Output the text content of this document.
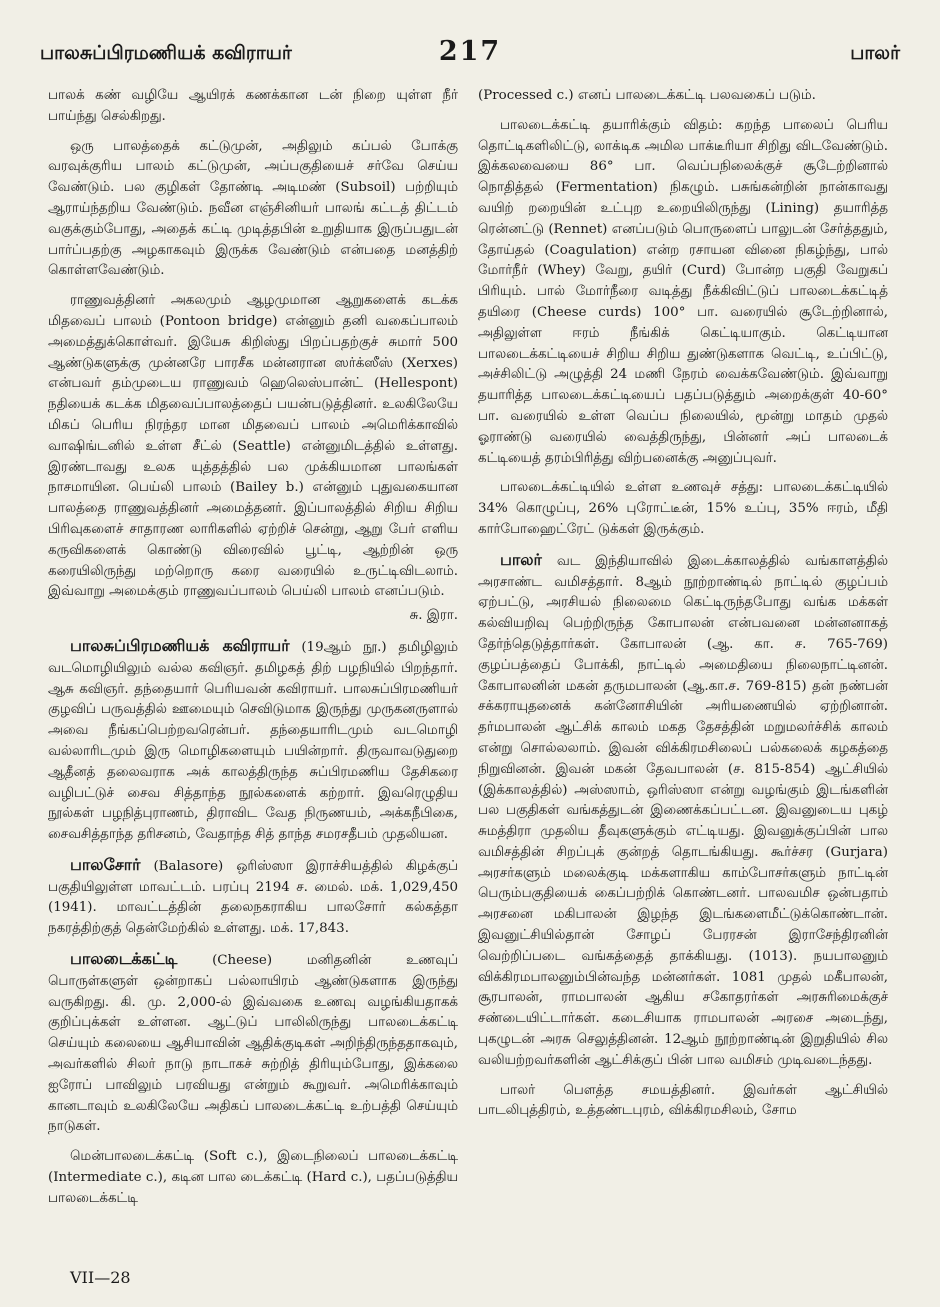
பாலசுப்பிரமணியக் கவிராயர்	217	பாலர்

பாலக் கண் வழியே ஆயிரக் கணக்கான டன் நிறை யுள்ள நீர் பாய்ந்து செல்கிறது.

ஒரு பாலத்தைக் கட்டுமுன், அதிலும் கப்பல் போக்கு வரவுக்குரிய பாலம் கட்டுமுன், அப்பகுதியைச் சர்வே செய்ய வேண்டும். பல குழிகள் தோண்டி அடிமண் (Subsoil) பற்றியும் ஆராய்ந்தறிய வேண்டும். நவீன எஞ்சினியர் பாலங் கட்டத் திட்டம் வகுக்கும்போது, அதைக் கட்டி முடித்தபின் உறுதியாக இருப்பதுடன் பார்ப்பதற்கு அழகாகவும் இருக்க வேண்டும் என்பதை மனத்திற் கொள்ளவேண்டும்.

ராணுவத்தினர் அகலமும் ஆழமுமான ஆறுகளைக் கடக்க மிதவைப் பாலம் (Pontoon bridge) என்னும் தனி வகைப்பாலம் அமைத்துக்கொள்வர். இயேசு கிறிஸ்து பிறப்பதற்குச் சுமார் 500 ஆண்டுகளுக்கு முன்னரே பாரசீக மன்னரான ஸர்க்ஸீஸ் (Xerxes) என்பவர் தம்முடைய ராணுவம் ஹெலெஸ்பான்ட் (Hellespont) நதியைக் கடக்க மிதவைப்பாலத்தைப் பயன்படுத்தினர். உலகிலேயே மிகப் பெரிய நிரந்தர மான மிதவைப் பாலம் அமெரிக்காவில் வாஷிங்டனில் உள்ள சீட்ல் (Seattle) என்னுமிடத்தில் உள்ளது. இரண்டாவது உலக யுத்தத்தில் பல முக்கியமான பாலங்கள் நாசமாயின. பெய்லி பாலம் (Bailey b.) என்னும் புதுவகையான பாலத்தை ராணுவத்தினர் அமைத்தனர். இப்பாலத்தில் சிறிய சிறிய பிரிவுகளைச் சாதாரண லாரிகளில் ஏற்றிச் சென்று, ஆறு பேர் எளிய கருவிகளைக் கொண்டு விரைவில் பூட்டி, ஆற்றின் ஒரு கரையிலிருந்து மற்றொரு கரை வரையில் உருட்டிவிடலாம். இவ்வாறு அமைக்கும் ராணுவப்பாலம் பெய்லி பாலம் எனப்படும்.

சு. இரா.

பாலசுப்பிரமணியக் கவிராயர் (19ஆம் நூ.) தமிழிலும் வடமொழியிலும் வல்ல கவிஞர். தமிழகத் திற் பழநியில் பிறந்தார். ஆசு கவிஞர். தந்தையார் பெரியவன் கவிராயர். பாலசுப்பிரமணியர் குழவிப் பருவத்தில் ஊமையும் செவிடுமாக இருந்து முருகனருளால் அவை நீங்கப்பெற்றவரென்பர். தந்தையாரிடமும் வடமொழி வல்லாரிடமும் இரு மொழிகளையும் பயின்றார். திருவாவடுதுறை ஆதீனத் தலைவராக அக் காலத்திருந்த சுப்பிரமணிய தேசிகரை வழிபட்டுச் சைவ சித்தாந்த நூல்களைக் கற்றார். இவரெழுதிய நூல்கள் பழநித்புராணம், திராவிட வேத நிருணயம், அக்கநீபிகை, சைவசித்தாந்த தரிசனம், வேதாந்த சித் தாந்த சமரசதீபம் முதலியன.

பாலசோர் (Balasore) ஒரிஸ்ஸா இராச்சியத்தில் கிழக்குப் பகுதியிலுள்ள மாவட்டம். பரப்பு 2194 ச. மைல். மக். 1,029,450 (1941). மாவட்டத்தின் தலைநகராகிய பாலசோர் கல்கத்தா நகரத்திற்குத் தென்மேற்கில் உள்ளது. மக். 17,843.

பாலடைக்கட்டி (Cheese) மனிதனின் உணவுப் பொருள்களுள் ஒன்றாகப் பல்லாயிரம் ஆண்டுகளாக இருந்து வருகிறது. கி. மு. 2,000-ல் இவ்வகை உணவு வழங்கியதாகக் குறிப்புக்கள் உள்ளன. ஆட்டுப் பாலிலிருந்து பாலடைக்கட்டி செய்யும் கலையை ஆசியாவின் ஆதிக்குடிகள் அறிந்திருந்ததாகவும், அவர்களில் சிலர் நாடு நாடாகச் சுற்றித் திரியும்போது, இக்கலை ஐரோப் பாவிலும் பரவியது என்றும் கூறுவர். அமெரிக்காவும் கானடாவும் உலகிலேயே அதிகப் பாலடைக்கட்டி உற்பத்தி செய்யும் நாடுகள்.

மென்பாலடைக்கட்டி (Soft c.), இடைநிலைப் பாலடைக்கட்டி (Intermediate c.), கடின பால டைக்கட்டி (Hard c.), பதப்படுத்திய பாலடைக்கட்டி

(Processed c.) எனப் பாலடைக்கட்டி பலவகைப் படும்.

பாலடைக்கட்டி தயாரிக்கும் விதம்: கறந்த பாலைப் பெரிய தொட்டிகளிலிட்டு, லாக்டிக அமில பாக்டீரியா சிறிது விடவேண்டும். இக்கலவையை 86° பா. வெப்பநிலைக்குச் சூடேற்றினால் நொதித்தல் (Fermentation) நிகழும். பசுங்கன்றின் நான்காவது வயிற் றறையின் உட்புற உறையிலிருந்து (Lining) தயாரித்த ரென்னட்டு (Rennet) எனப்படும் பொருளைப் பாலுடன் சேர்த்ததும், தோய்தல் (Coagulation) என்ற ரசாயன வினை நிகழ்ந்து, பால் மோர்நீர் (Whey) வேறு, தயிர் (Curd) போன்ற பகுதி வேறுகப் பிரியும். பால் மோர்நீரை வடித்து நீக்கிவிட்டுப் பாலடைக்கட்டித் தயிரை (Cheese curds) 100° பா. வரையில் சூடேற்றினால், அதிலுள்ள ஈரம் நீங்கிக் கெட்டியாகும். கெட்டியான பாலடைக்கட்டியைச் சிறிய சிறிய துண்டுகளாக வெட்டி, உப்பிட்டு, அச்சிலிட்டு அழுத்தி 24 மணி நேரம் வைக்கவேண்டும். இவ்வாறு தயாரித்த பாலடைக்கட்டியைப் பதப்படுத்தும் அறைக்குள் 40-60° பா. வரையில் உள்ள வெப்ப நிலையில், மூன்று மாதம் முதல் ஓராண்டு வரையில் வைத்திருந்து, பின்னர் அப் பாலடைக் கட்டியைத் தரம்பிரித்து விற்பனைக்கு அனுப்புவர்.

பாலடைக்கட்டியில் உள்ள உணவுச் சத்து: பாலடைக்கட்டியில் 34% கொழுப்பு, 26% புரோட்டீன், 15% உப்பு, 35% ஈரம், மீதி கார்போஹைட்ரேட் டுக்கள் இருக்கும்.

பாலர் வட இந்தியாவில் இடைக்காலத்தில் வங்காளத்தில் அரசாண்ட வமிசத்தார். 8ஆம் நூற்றாண்டில் நாட்டில் குழப்பம் ஏற்பட்டு, அரசியல் நிலைமை கெட்டிருந்தபோது வங்க மக்கள் கல்வியறிவு பெற்றிருந்த கோபாலன் என்பவனை மன்னனாகத் தேர்ந்தெடுத்தார்கள். கோபாலன் (ஆ. கா. ச. 765-769) குழப்பத்தைப் போக்கி, நாட்டில் அமைதியை நிலைநாட்டினன். கோபாலனின் மகன் தருமபாலன் (ஆ.கா.ச. 769-815) தன் நண்பன் சக்கராயுதனைக் கன்னோசியின் அரியணையில் ஏற்றினான். தர்மபாலன் ஆட்சிக் காலம் மகத தேசத்தின் மறுமலர்ச்சிக் காலம் என்று சொல்லலாம். இவன் விக்கிரமசிலைப் பல்கலைக் கழகத்தை நிறுவினன். இவன் மகன் தேவபாலன் (ச. 815-854) ஆட்சியில் (இக்காலத்தில்) அஸ்ஸாம், ஒரிஸ்ஸா என்று வழங்கும் இடங்களின் பல பகுதிகள் வங்கத்துடன் இணைக்கப்பட்டன. இவனுடைய புகழ் சுமத்திரா முதலிய தீவுகளுக்கும் எட்டியது. இவனுக்குப்பின் பால வமிசத்தின் சிறப்புக் குன்றத் தொடங்கியது. கூர்ச்சர (Gurjara) அரசர்களும் மலைக்குடி மக்களாகிய காம்போசர்களும் நாட்டின் பெரும்பகுதியைக் கைப்பற்றிக் கொண்டனர். பாலவமிச ஒன்பதாம் அரசனை மகிபாலன் இழந்த இடங்களைமீட்டுக்கொண்டான். இவனுட்சியில்தான் சோழப் பேரரசன் இராசேந்திரனின் வெற்றிப்படை வங்கத்தைத் தாக்கியது. (1013). நயபாலனும் விக்கிரமபாலனும்பின்வந்த மன்னர்கள். 1081 முதல் மகீபாலன், சூரபாலன், ராமபாலன் ஆகிய சகோதரர்கள் அரசுரிமைக்குச் சண்டையிட்டார்கள். கடைசியாக ராமபாலன் அரசை அடைந்து, புகழுடன் அரசு செலுத்தினன். 12ஆம் நூற்றாண்டின் இறுதியில் சில வலியற்றவர்களின் ஆட்சிக்குப் பின் பால வமிசம் முடிவடைந்தது.

பாலர் பௌத்த சமயத்தினர். இவர்கள் ஆட்சியில் பாடலிபுத்திரம், உத்தண்டபுரம், விக்கிரமசிலம், சோம

VII—28
